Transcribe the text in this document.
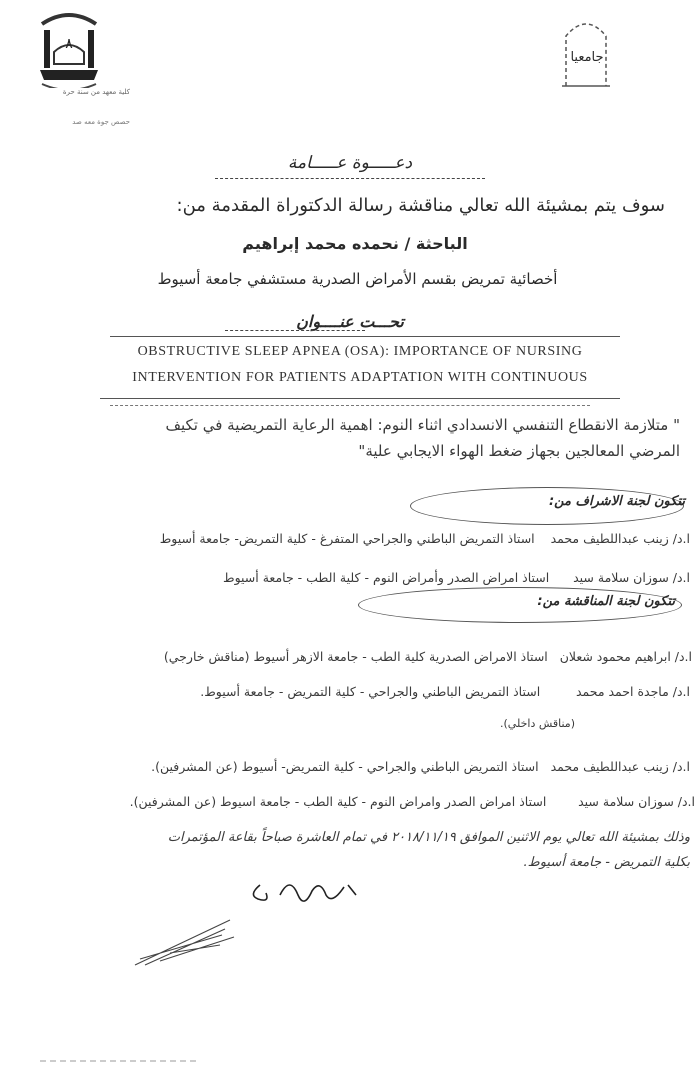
٨
كلية معهد من سنة حرة
حصص جوة معه صد
جامعيا
دعـــــوة عـــــامة
سوف يتم بمشيئة الله تعالي مناقشة رسالة الدكتوراة المقدمة من:
الباحثة / نحمده محمد إبراهيم
أخصائية تمريض بقسم الأمراض الصدرية مستشفي جامعة أسيوط
تحـــت عنــــوان
OBSTRUCTIVE SLEEP APNEA (OSA): IMPORTANCE OF NURSING
INTERVENTION FOR PATIENTS ADAPTATION WITH CONTINUOUS
" متلازمة الانقطاع التنفسي الانسدادي اثناء النوم: اهمية الرعاية التمريضية في تكيف
المرضي المعالجين بجهاز ضغط الهواء الايجابي علية"
تتكون لجنة الاشراف من:
ا.د/ زينب عبداللطيف محمد    استاذ التمريض الباطني والجراحي المتفرغ - كلية التمريض- جامعة أسيوط
ا.د/ سوزان سلامة سيد      استاذ امراض الصدر وأمراض النوم - كلية الطب - جامعة أسيوط
تتكون لجنة المناقشة من:
ا.د/ ابراهيم محمود شعلان   استاذ الامراض الصدرية كلية الطب - جامعة الازهر أسيوط (مناقش خارجي)
ا.د/ ماجدة احمد محمد         استاذ التمريض الباطني والجراحي - كلية التمريض - جامعة أسيوط.
(مناقش داخلي).
ا.د/ زينب عبداللطيف محمد   استاذ التمريض الباطني والجراحي - كلية التمريض- أسيوط (عن المشرفين).
ا.د/ سوزان سلامة سيد        استاذ امراض الصدر وامراض النوم - كلية الطب - جامعة اسيوط (عن المشرفين).
وذلك بمشيئة الله تعالي يوم الاثنين الموافق ٢٠١٨/١١/١٩ في تمام العاشرة صباحاً بقاعة المؤتمرات
بكلية التمريض - جامعة أسيوط.
